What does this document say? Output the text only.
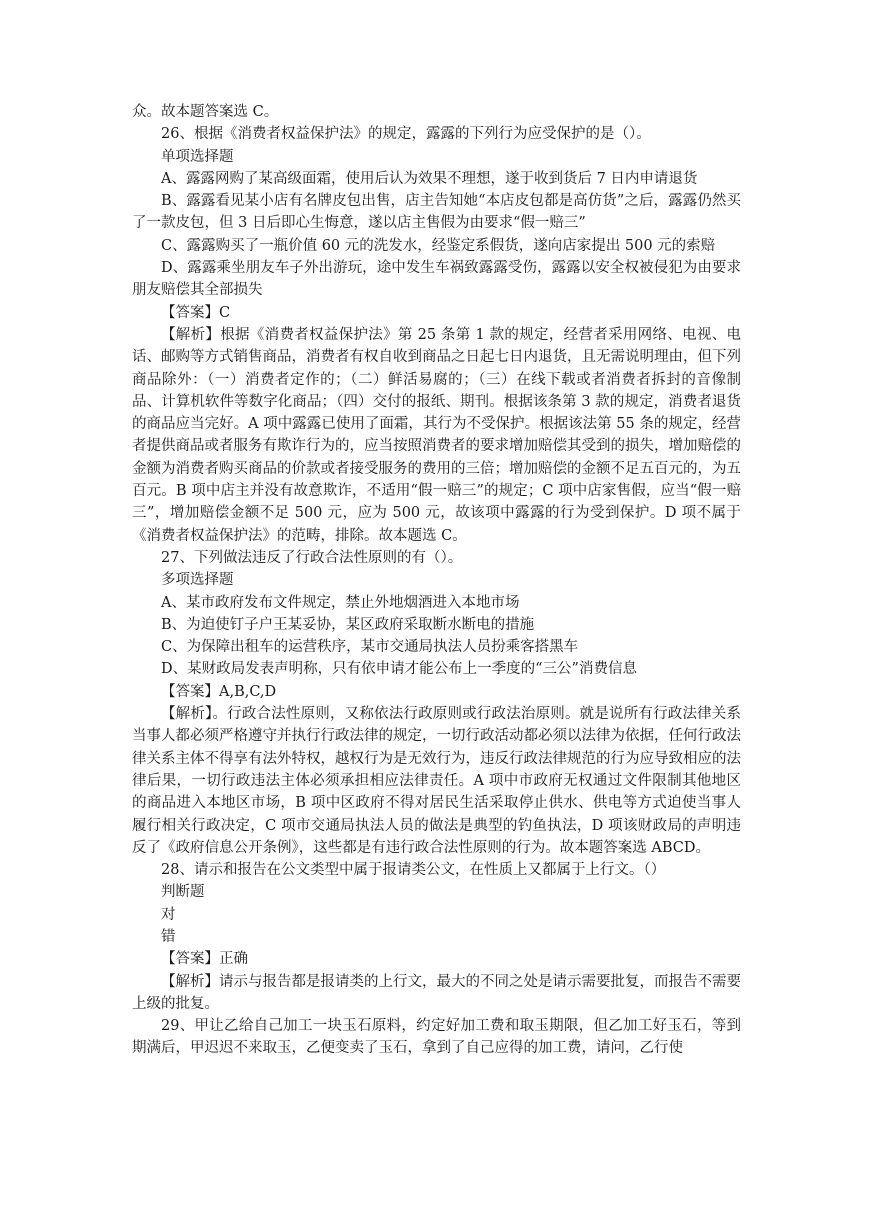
众。故本题答案选 C。

26、根据《消费者权益保护法》的规定，露露的下列行为应受保护的是（）。

单项选择题

A、露露网购了某高级面霜，使用后认为效果不理想，遂于收到货后 7 日内申请退货

B、露露看见某小店有名牌皮包出售，店主告知她“本店皮包都是高仿货”之后，露露仍然买了一款皮包，但 3 日后即心生悔意，遂以店主售假为由要求“假一赔三”

C、露露购买了一瓶价值 60 元的洗发水，经鉴定系假货，遂向店家提出 500 元的索赔

D、露露乘坐朋友车子外出游玩，途中发生车祸致露露受伤，露露以安全权被侵犯为由要求朋友赔偿其全部损失

【答案】C

【解析】根据《消费者权益保护法》第 25 条第 1 款的规定，经营者采用网络、电视、电话、邮购等方式销售商品，消费者有权自收到商品之日起七日内退货，且无需说明理由，但下列商品除外：（一）消费者定作的；（二）鲜活易腐的；（三）在线下载或者消费者拆封的音像制品、计算机软件等数字化商品；（四）交付的报纸、期刊。根据该条第 3 款的规定，消费者退货的商品应当完好。A 项中露露已使用了面霜，其行为不受保护。根据该法第 55 条的规定，经营者提供商品或者服务有欺诈行为的，应当按照消费者的要求增加赔偿其受到的损失，增加赔偿的金额为消费者购买商品的价款或者接受服务的费用的三倍；增加赔偿的金额不足五百元的，为五百元。B 项中店主并没有故意欺诈，不适用“假一赔三”的规定；C 项中店家售假，应当“假一赔三”，增加赔偿金额不足 500 元，应为 500 元，故该项中露露的行为受到保护。D 项不属于《消费者权益保护法》的范畴，排除。故本题选 C。

27、下列做法违反了行政合法性原则的有（）。

多项选择题

A、某市政府发布文件规定，禁止外地烟酒进入本地市场

B、为迫使钉子户王某妥协，某区政府采取断水断电的措施

C、为保障出租车的运营秩序，某市交通局执法人员扮乘客搭黑车

D、某财政局发表声明称，只有依申请才能公布上一季度的“三公”消费信息

【答案】A,B,C,D

【解析】。行政合法性原则，又称依法行政原则或行政法治原则。就是说所有行政法律关系当事人都必须严格遵守并执行行政法律的规定，一切行政活动都必须以法律为依据，任何行政法律关系主体不得享有法外特权，越权行为是无效行为，违反行政法律规范的行为应导致相应的法律后果，一切行政违法主体必须承担相应法律责任。A 项中市政府无权通过文件限制其他地区的商品进入本地区市场，B 项中区政府不得对居民生活采取停止供水、供电等方式迫使当事人履行相关行政决定，C 项市交通局执法人员的做法是典型的钓鱼执法，D 项该财政局的声明违反了《政府信息公开条例》，这些都是有违行政合法性原则的行为。故本题答案选 ABCD。

28、请示和报告在公文类型中属于报请类公文，在性质上又都属于上行文。（）

判断题

对

错

【答案】正确

【解析】请示与报告都是报请类的上行文，最大的不同之处是请示需要批复，而报告不需要上级的批复。

29、甲让乙给自己加工一块玉石原料，约定好加工费和取玉期限，但乙加工好玉石，等到期满后，甲迟迟不来取玉，乙便变卖了玉石，拿到了自己应得的加工费，请问，乙行使
